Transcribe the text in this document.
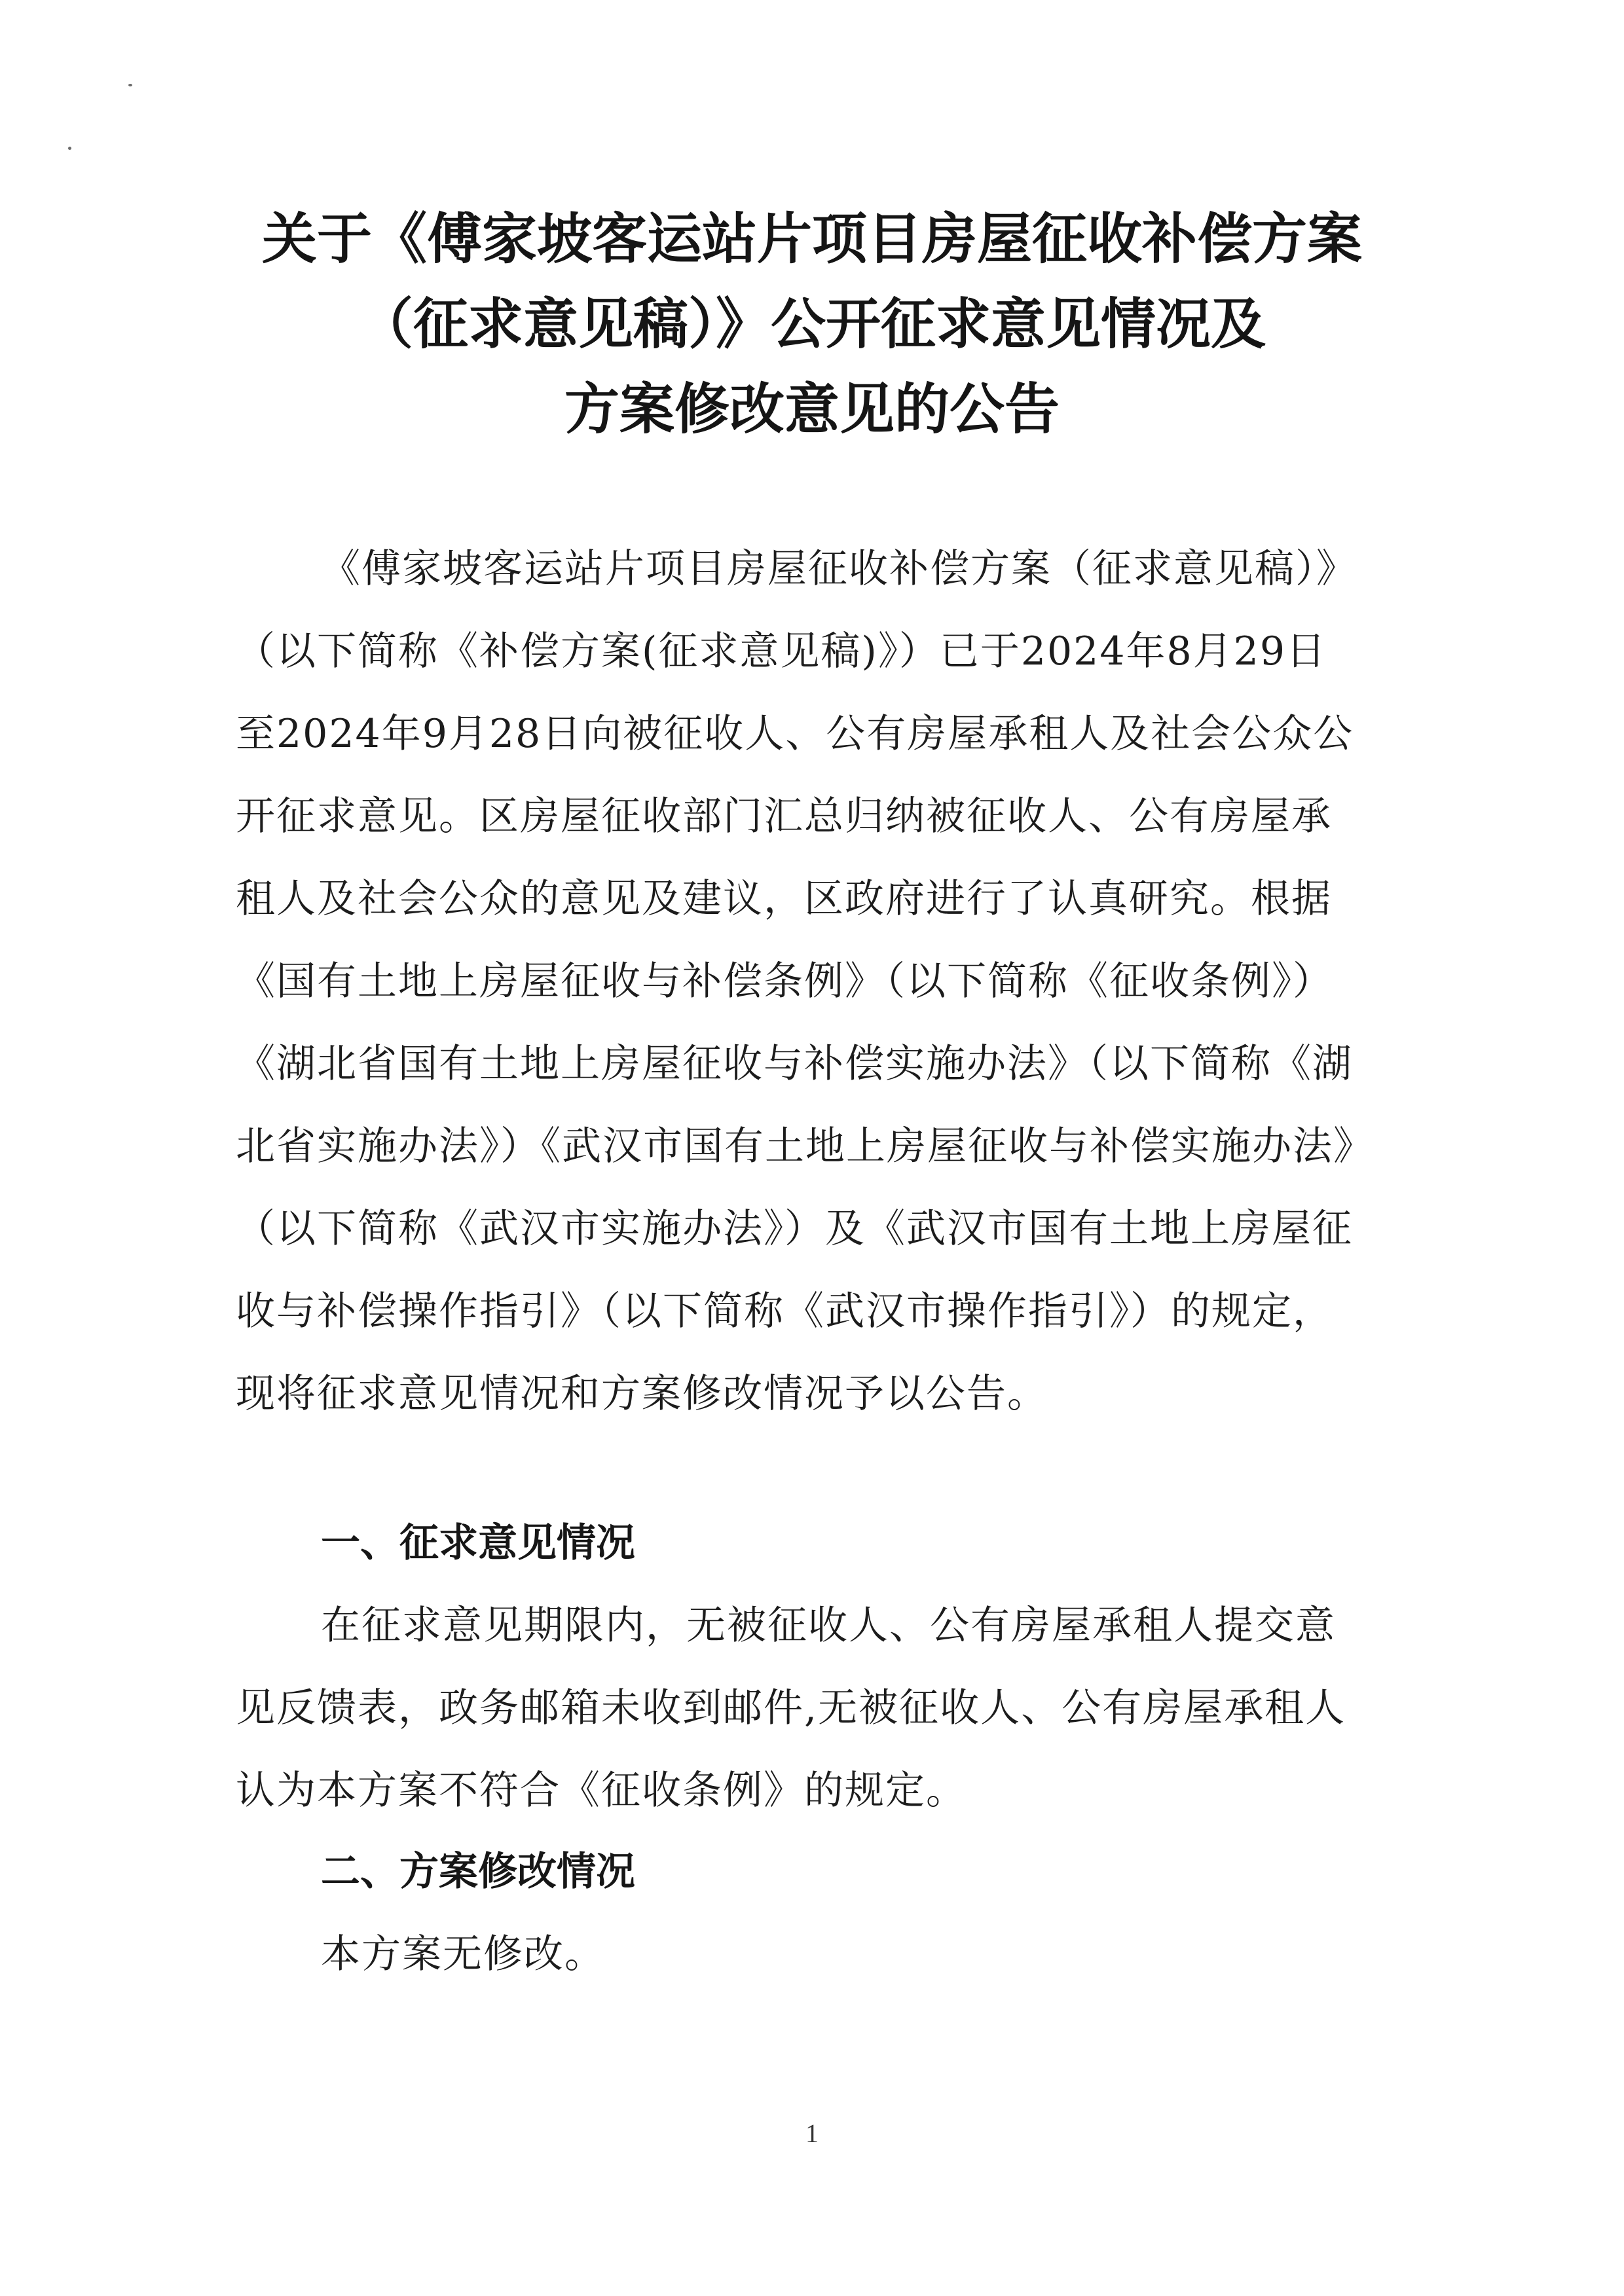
关于《傅家坡客运站片项目房屋征收补偿方案
（征求意见稿）》公开征求意见情况及
方案修改意见的公告

《傅家坡客运站片项目房屋征收补偿方案（征求意见稿）》（以下简称《补偿方案(征求意见稿)》）已于2024年8月29日至2024年9月28日向被征收人、公有房屋承租人及社会公众公开征求意见。区房屋征收部门汇总归纳被征收人、公有房屋承租人及社会公众的意见及建议，区政府进行了认真研究。根据《国有土地上房屋征收与补偿条例》（以下简称《征收条例》）《湖北省国有土地上房屋征收与补偿实施办法》（以下简称《湖北省实施办法》）《武汉市国有土地上房屋征收与补偿实施办法》（以下简称《武汉市实施办法》）及《武汉市国有土地上房屋征收与补偿操作指引》（以下简称《武汉市操作指引》）的规定，现将征求意见情况和方案修改情况予以公告。

一、征求意见情况

在征求意见期限内，无被征收人、公有房屋承租人提交意见反馈表，政务邮箱未收到邮件,无被征收人、公有房屋承租人认为本方案不符合《征收条例》的规定。

二、方案修改情况

本方案无修改。

1
